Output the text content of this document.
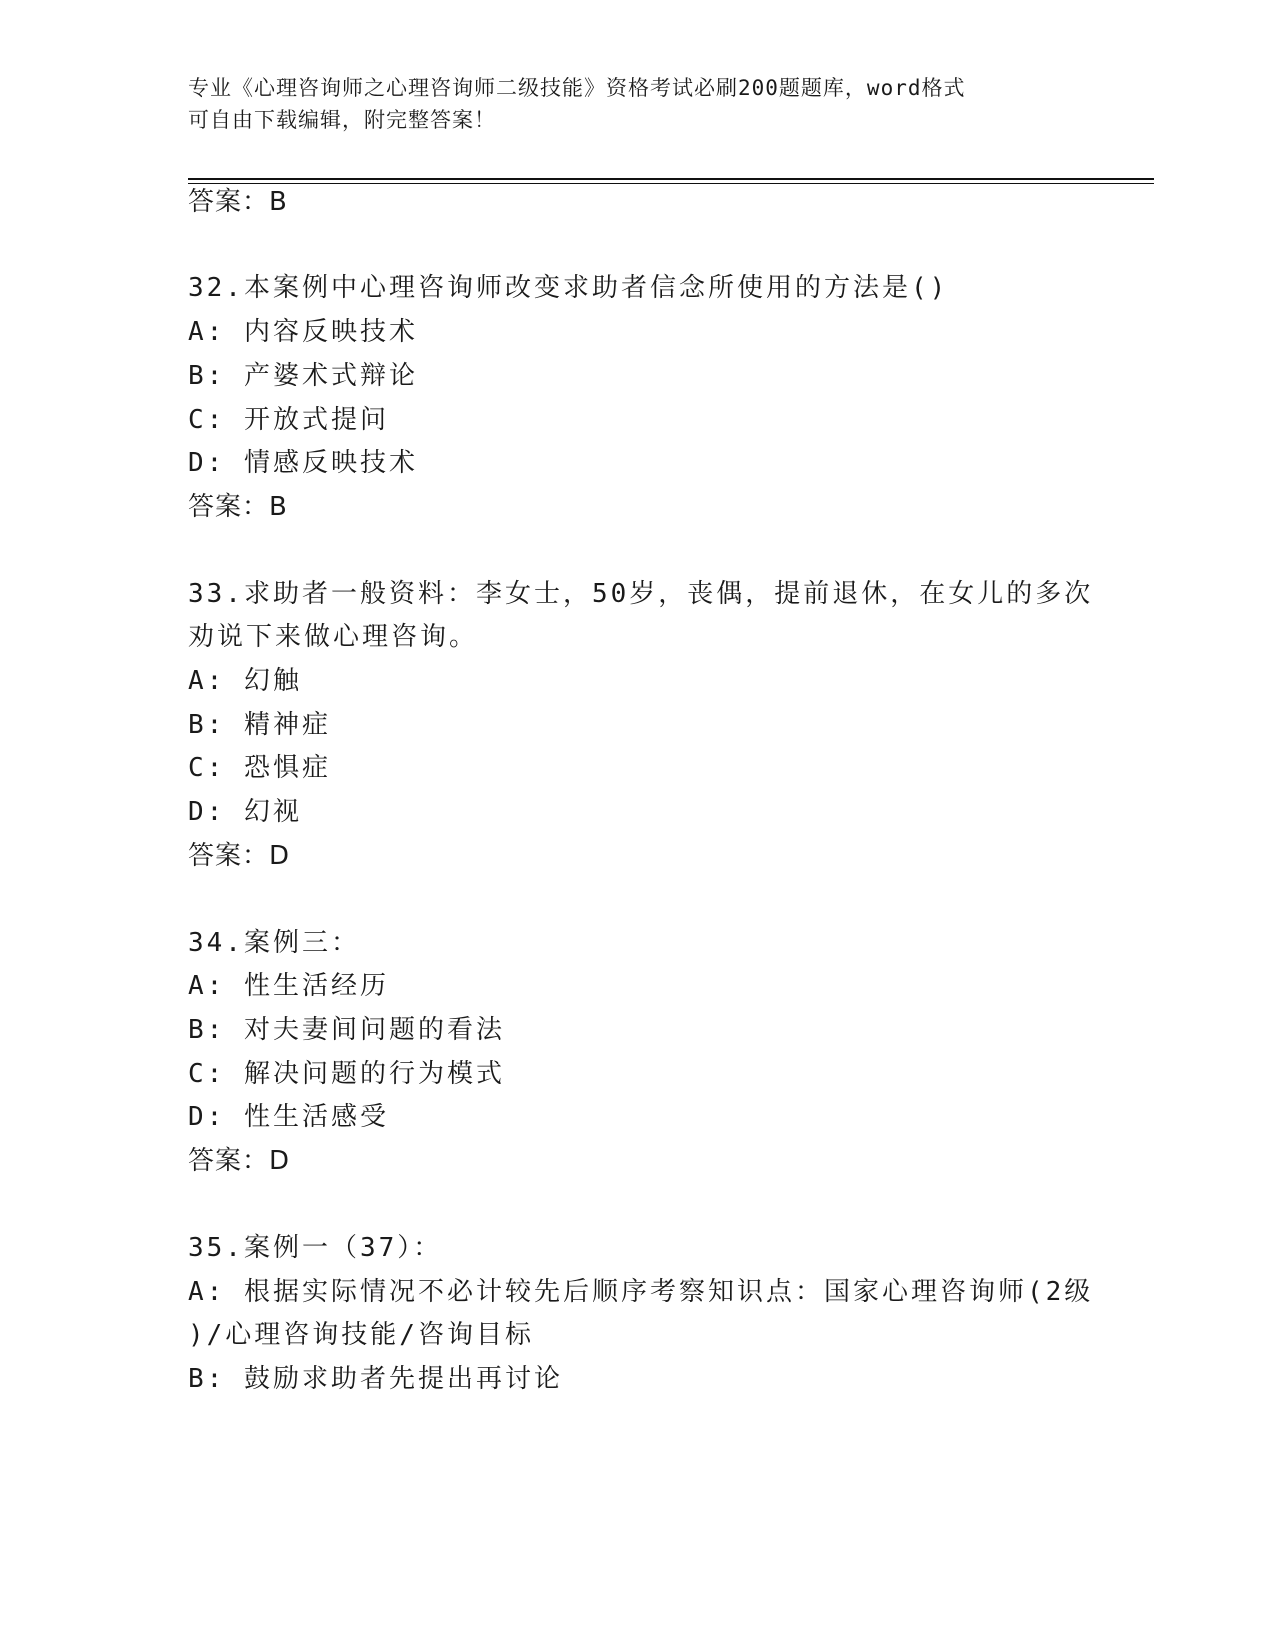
专业《心理咨询师之心理咨询师二级技能》资格考试必刷200题题库，word格式
可自由下载编辑，附完整答案！
答案：B
32.本案例中心理咨询师改变求助者信念所使用的方法是()
A: 内容反映技术
B: 产婆术式辩论
C: 开放式提问
D: 情感反映技术
答案：B
33.求助者一般资料：李女士，50岁，丧偶，提前退休，在女儿的多次
劝说下来做心理咨询。
A: 幻触
B: 精神症
C: 恐惧症
D: 幻视
答案：D
34.案例三：
A: 性生活经历
B: 对夫妻间问题的看法
C: 解决问题的行为模式
D: 性生活感受
答案：D
35.案例一（37）：
A: 根据实际情况不必计较先后顺序考察知识点：国家心理咨询师(2级
)/心理咨询技能/咨询目标
B: 鼓励求助者先提出再讨论
